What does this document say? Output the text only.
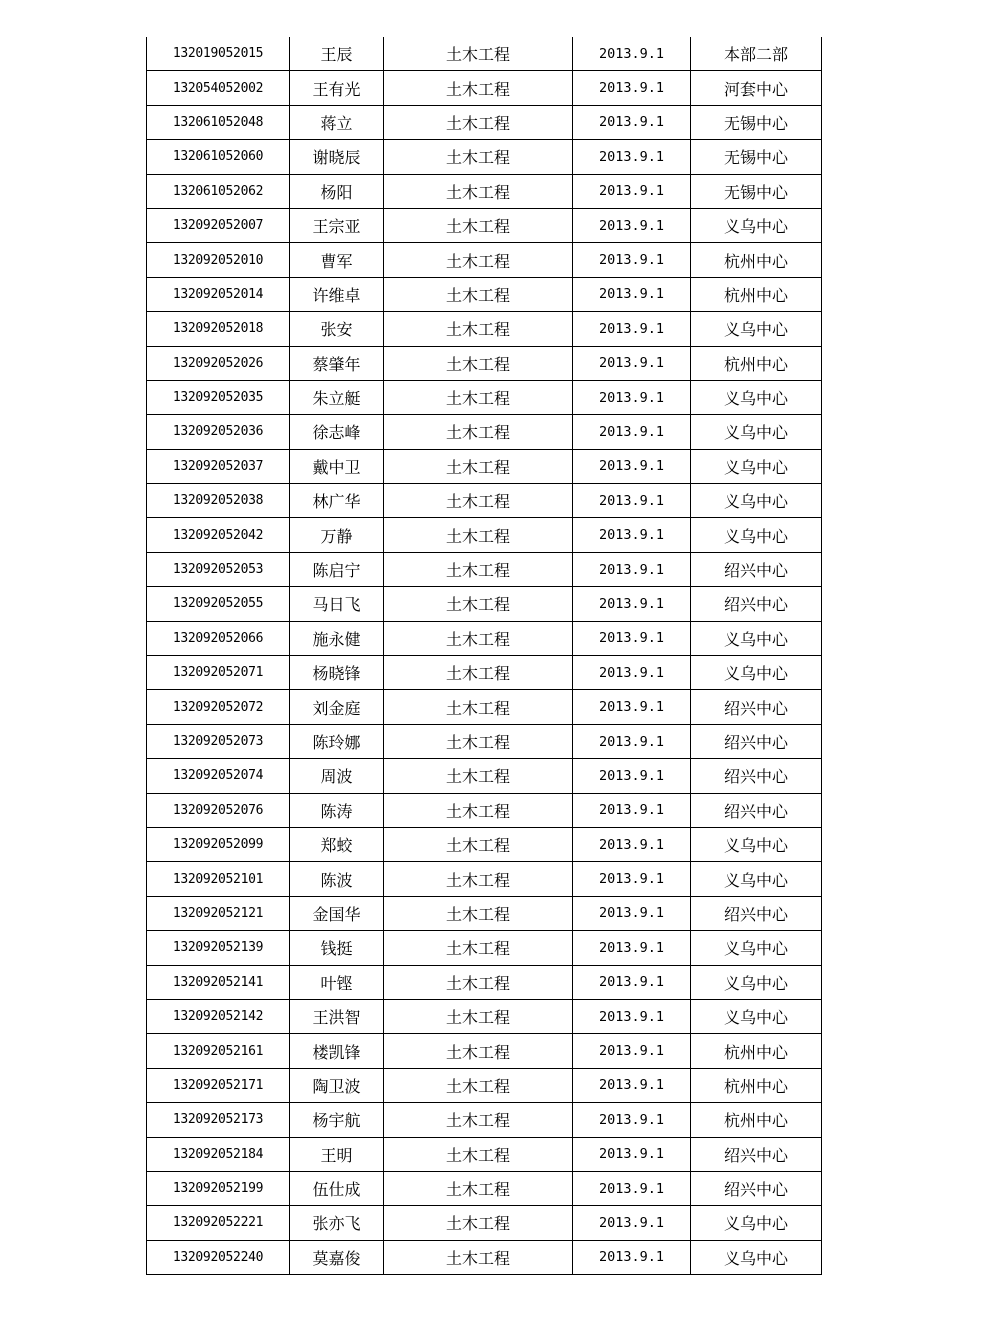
132019052015	王辰	土木工程	2013.9.1	本部二部
132054052002	王有光	土木工程	2013.9.1	河套中心
132061052048	蒋立	土木工程	2013.9.1	无锡中心
132061052060	谢晓辰	土木工程	2013.9.1	无锡中心
132061052062	杨阳	土木工程	2013.9.1	无锡中心
132092052007	王宗亚	土木工程	2013.9.1	义乌中心
132092052010	曹军	土木工程	2013.9.1	杭州中心
132092052014	许维卓	土木工程	2013.9.1	杭州中心
132092052018	张安	土木工程	2013.9.1	义乌中心
132092052026	蔡肇年	土木工程	2013.9.1	杭州中心
132092052035	朱立艇	土木工程	2013.9.1	义乌中心
132092052036	徐志峰	土木工程	2013.9.1	义乌中心
132092052037	戴中卫	土木工程	2013.9.1	义乌中心
132092052038	林广华	土木工程	2013.9.1	义乌中心
132092052042	万静	土木工程	2013.9.1	义乌中心
132092052053	陈启宁	土木工程	2013.9.1	绍兴中心
132092052055	马日飞	土木工程	2013.9.1	绍兴中心
132092052066	施永健	土木工程	2013.9.1	义乌中心
132092052071	杨晓锋	土木工程	2013.9.1	义乌中心
132092052072	刘金庭	土木工程	2013.9.1	绍兴中心
132092052073	陈玲娜	土木工程	2013.9.1	绍兴中心
132092052074	周波	土木工程	2013.9.1	绍兴中心
132092052076	陈涛	土木工程	2013.9.1	绍兴中心
132092052099	郑蛟	土木工程	2013.9.1	义乌中心
132092052101	陈波	土木工程	2013.9.1	义乌中心
132092052121	金国华	土木工程	2013.9.1	绍兴中心
132092052139	钱挺	土木工程	2013.9.1	义乌中心
132092052141	叶铿	土木工程	2013.9.1	义乌中心
132092052142	王洪智	土木工程	2013.9.1	义乌中心
132092052161	楼凯锋	土木工程	2013.9.1	杭州中心
132092052171	陶卫波	土木工程	2013.9.1	杭州中心
132092052173	杨宇航	土木工程	2013.9.1	杭州中心
132092052184	王明	土木工程	2013.9.1	绍兴中心
132092052199	伍仕成	土木工程	2013.9.1	绍兴中心
132092052221	张亦飞	土木工程	2013.9.1	义乌中心
132092052240	莫嘉俊	土木工程	2013.9.1	义乌中心
